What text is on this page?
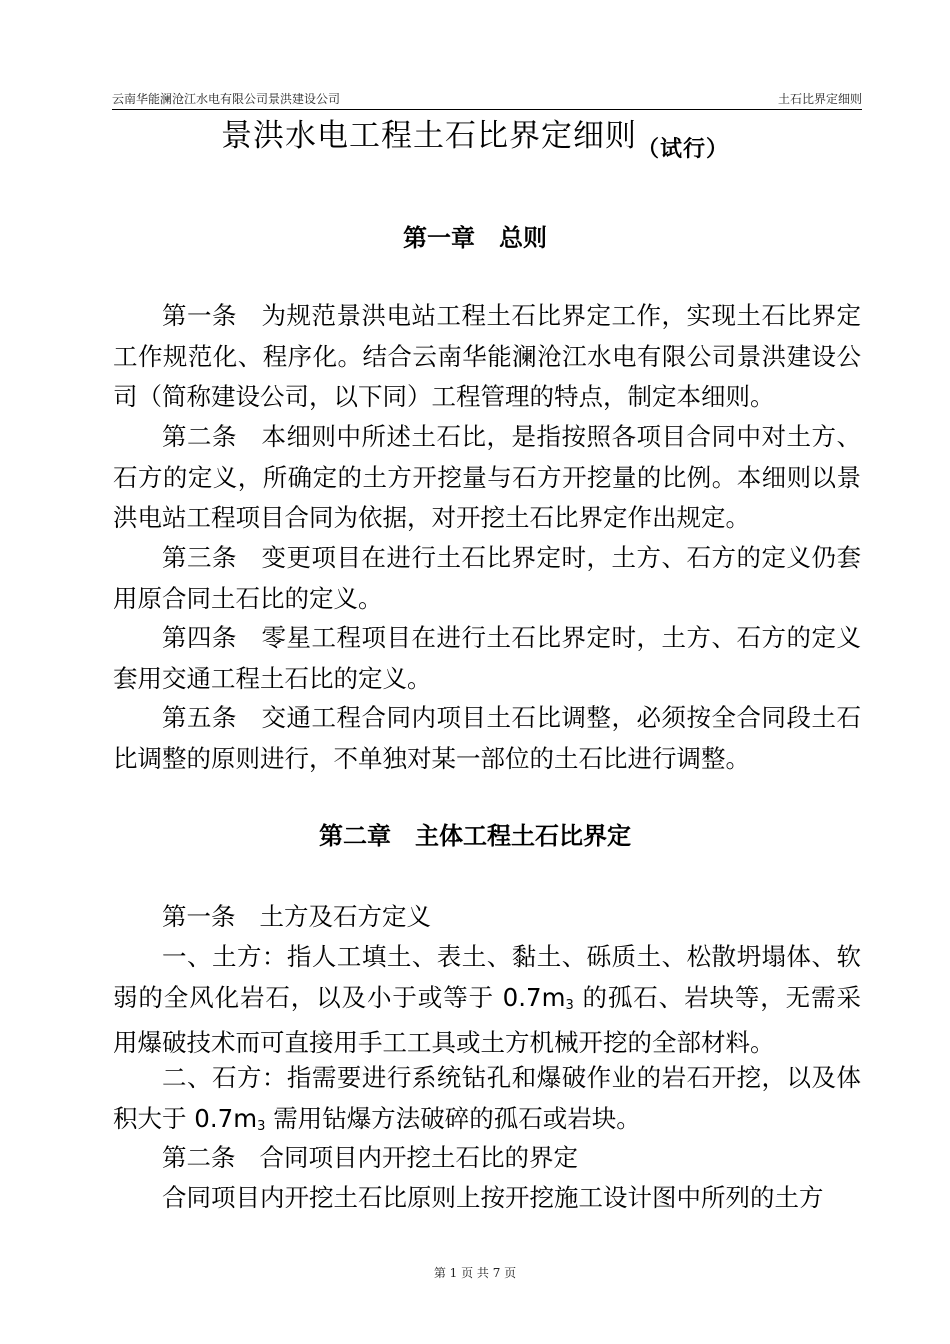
云南华能澜沧江水电有限公司景洪建设公司	土石比界定细则
景洪水电工程土石比界定细则$_{(试行)}$
第一章　总则
第一条 为规范景洪电站工程土石比界定工作，实现土石比界定工作规范化、程序化。结合云南华能澜沧江水电有限公司景洪建设公司（简称建设公司，以下同）工程管理的特点，制定本细则。
第二条 本细则中所述土石比，是指按照各项目合同中对土方、石方的定义，所确定的土方开挖量与石方开挖量的比例。本细则以景洪电站工程项目合同为依据，对开挖土石比界定作出规定。
第三条 变更项目在进行土石比界定时，土方、石方的定义仍套用原合同土石比的定义。
第四条 零星工程项目在进行土石比界定时，土方、石方的定义套用交通工程土石比的定义。
第五条 交通工程合同内项目土石比调整，必须按全合同段土石比调整的原则进行，不单独对某一部位的土石比进行调整。
第二章　主体工程土石比界定
第一条 土方及石方定义
一、土方：指人工填土、表土、黏土、砾质土、松散坍塌体、软弱的全风化岩石，以及小于或等于 $0.7m_3$ 的孤石、岩块等，无需采用爆破技术而可直接用手工工具或土方机械开挖的全部材料。
二、石方：指需要进行系统钻孔和爆破作业的岩石开挖，以及体积大于 $0.7m_3$ 需用钻爆方法破碎的孤石或岩块。
第二条 合同项目内开挖土石比的界定
合同项目内开挖土石比原则上按开挖施工设计图中所列的土方
第 1 页 共 7 页
